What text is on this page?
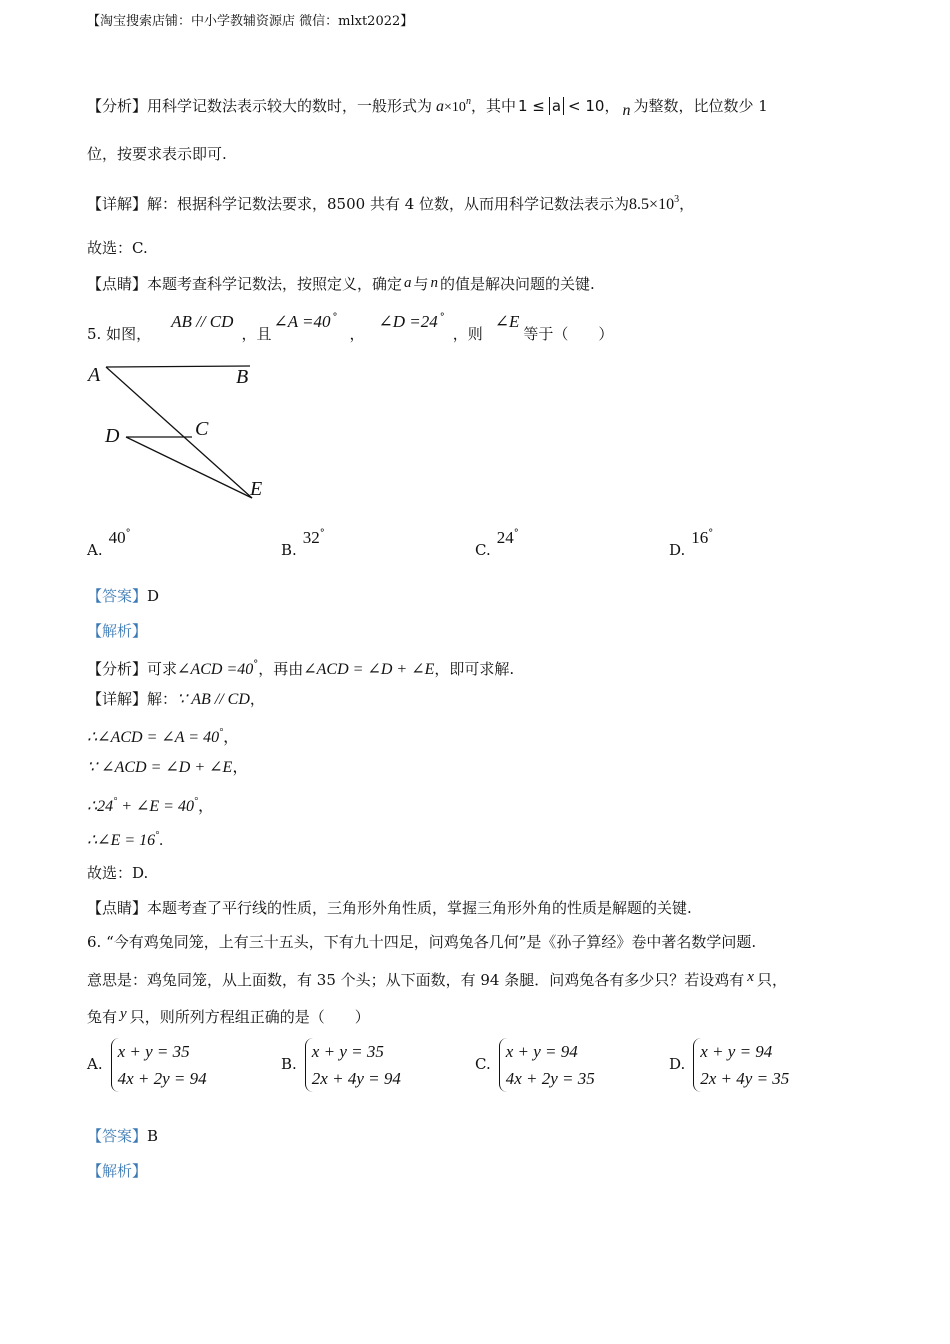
【淘宝搜索店铺：中小学教辅资源店 微信：mlxt2022】
【分析】用科学记数法表示较大的数时，一般形式为 $a\times 10^n$，其中 1 ≤ a < 10， n 为整数，比位数少 1
位，按要求表示即可.
【详解】解：根据科学记数法要求，8500 共有 4 位数，从而用科学记数法表示为$8.5\times 10^3$，
故选：C.
【点睛】本题考查科学记数法，按照定义，确定 a 与 n 的值是解决问题的关键.
5. 如图，AB // CD，且∠A =40 °，∠D =24 °，则∠E等于（　　）
A	B
C
D
E
A.40°
B.32°
C.24°
D.16°
【答案】D
【解析】
【分析】可求∠ACD =40°，再由∠ACD = ∠D + ∠E，即可求解.
【详解】解：∵ AB // CD，
∴∠ACD = ∠A = 40°，
∵ ∠ACD = ∠D + ∠E，
∴24° + ∠E = 40°，
∴∠E = 16°.
故选：D.
【点睛】本题考查了平行线的性质，三角形外角性质，掌握三角形外角的性质是解题的关键.
6. “今有鸡兔同笼，上有三十五头，下有九十四足，问鸡兔各几何”是《孙子算经》卷中著名数学问题.
意思是：鸡兔同笼，从上面数，有 35 个头；从下面数，有 94 条腿．问鸡兔各有多少只？若设鸡有 x 只，
兔有 y 只，则所列方程组正确的是（　　）
A.
x + y = 35
4x + 2y = 94
B.
x + y = 35
2x + 4y = 94
C.
x + y = 94
4x + 2y = 35
D.
x + y = 94
2x + 4y = 35
【答案】B
【解析】
